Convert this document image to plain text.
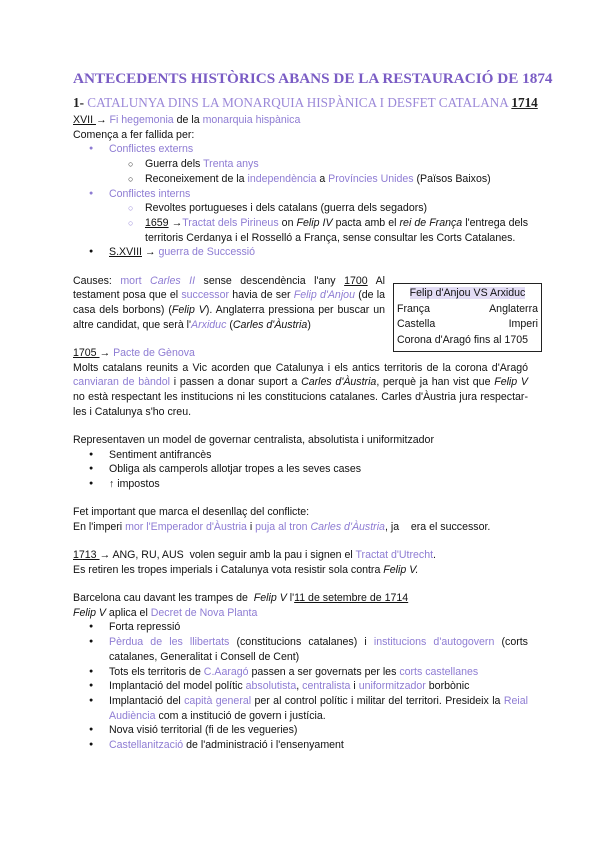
ANTECEDENTS HISTÒRICS ABANS DE LA RESTAURACIÓ DE 1874
1- CATALUNYA DINS LA MONARQUIA HISPÀNICA I DESFET CATALANA 1714
XVII → Fi hegemonia de la monarquia hispànica
Comença a fer fallida per:
● Conflictes externs
○ Guerra dels Trenta anys
○ Reconeixement de la independència a Províncies Unides (Països Baixos)
● Conflictes interns
○ Revoltes portugueses i dels catalans (guerra dels segadors)
○ 1659 →Tractat dels Pirineus on Felip IV pacta amb el rei de França l'entrega dels territoris Cerdanya i el Rosselló a França, sense consultar les Corts Catalanes.
● S.XVIII → guerra de Successió
Causes: mort Carles II sense descendència l'any 1700 Al testament posa que el successor havia de ser Felip d'Anjou (de la casa dels borbons) (Felip V). Anglaterra pressiona per buscar un altre candidat, que serà l'Arxiduc (Carles d'Àustria)
1705 → Pacte de Gènova
Molts catalans reunits a Vic acorden que Catalunya i els antics territoris de la corona d'Aragó canviaran de bàndol i passen a donar suport a Carles d'Àustria, perquè ja han vist que Felip V no està respectant les institucions ni les constitucions catalanes. Carles d'Àustria jura respectar-les i Catalunya s'ho creu.
Representaven un model de governar centralista, absolutista i uniformitzador
● Sentiment antifrancès
● Obliga als camperols allotjar tropes a les seves cases
● ↑ impostos
Fet important que marca el desenllaç del conflicte:
En l'imperi mor l'Emperador d'Àustria i puja al tron Carles d'Àustria, ja    era el successor.
1713 → ANG, RU, AUS  volen seguir amb la pau i signen el Tractat d'Utrecht.
Es retiren les tropes imperials i Catalunya vota resistir sola contra Felip V.
Barcelona cau davant les trampes de  Felip V l'11 de setembre de 1714
Felip V aplica el Decret de Nova Planta
● Forta repressió
● Pèrdua de les llibertats (constitucions catalanes) i institucions d'autogovern (corts catalanes, Generalitat i Consell de Cent)
● Tots els territoris de C.Aaragó passen a ser governats per les corts castellanes
● Implantació del model polític absolutista, centralista i uniformitzador borbònic
● Implantació del capità general per al control polític i militar del territori. Presideix la Reial Audiència com a institució de govern i justícia.
● Nova visió territorial (fi de les vegueries)
● Castellanització de l'administració i l'ensenyament
Felip d'Anjou VS Arxiduc
França	Anglaterra
Castella	Imperi
Corona d'Aragó fins al 1705
